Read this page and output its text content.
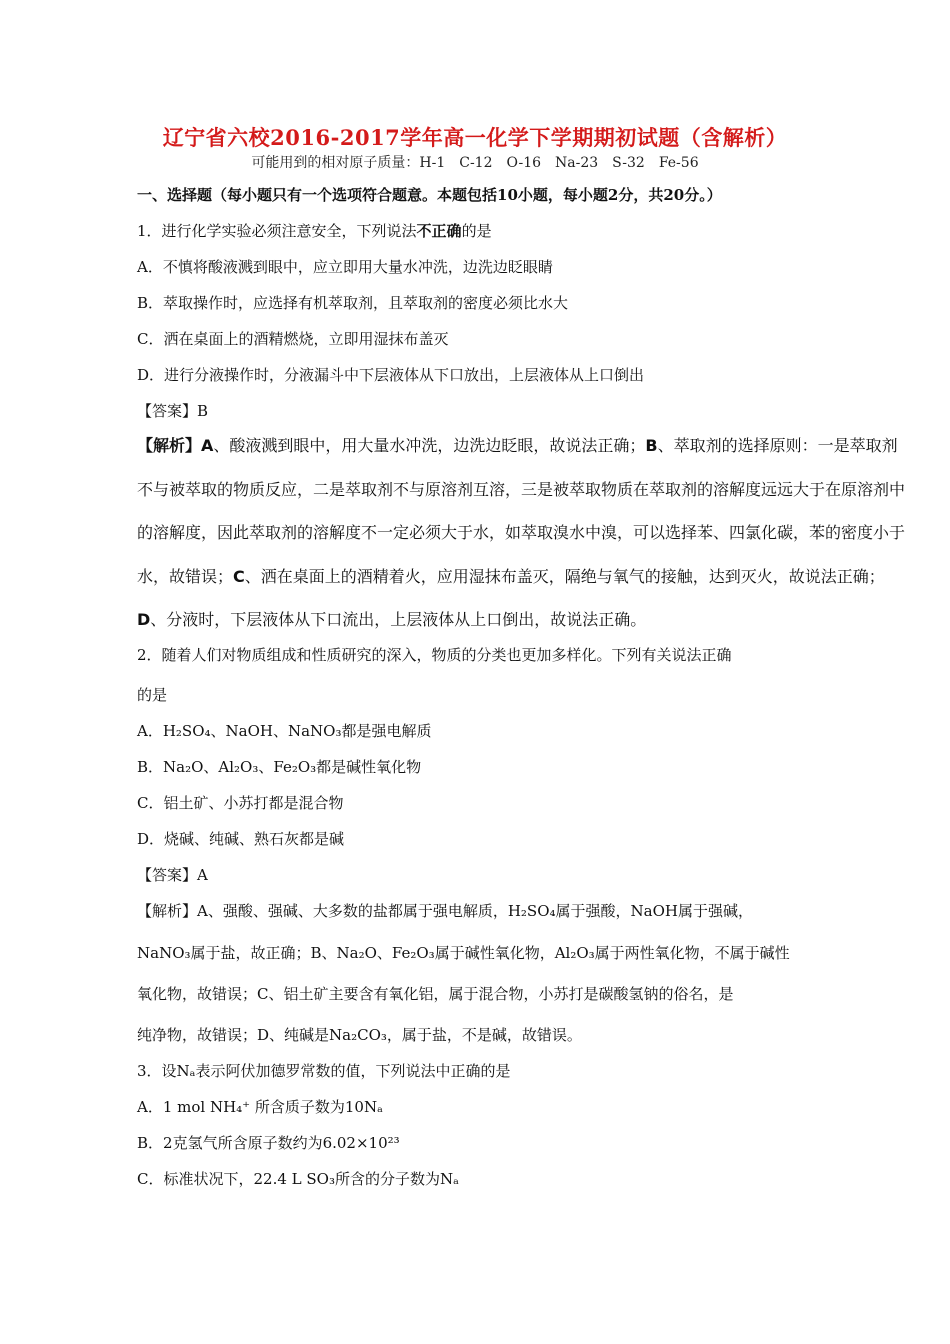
辽宁省六校2016-2017学年高一化学下学期期初试题（含解析）
可能用到的相对原子质量：H-1　C-12　O-16　Na-23　S-32　Fe-56
一、选择题（每小题只有一个选项符合题意。本题包括10小题，每小题2分，共20分。）
1．进行化学实验必须注意安全，下列说法不正确的是
A．不慎将酸液溅到眼中，应立即用大量水冲洗，边洗边眨眼睛
B．萃取操作时，应选择有机萃取剂，且萃取剂的密度必须比水大
C．洒在桌面上的酒精燃烧，立即用湿抹布盖灭
D．进行分液操作时，分液漏斗中下层液体从下口放出，上层液体从上口倒出
【答案】B
【解析】A、酸液溅到眼中，用大量水冲洗，边洗边眨眼，故说法正确；B、萃取剂的选择原则：一是萃取剂不与被萃取的物质反应，二是萃取剂不与原溶剂互溶，三是被萃取物质在萃取剂的溶解度远远大于在原溶剂中的溶解度，因此萃取剂的溶解度不一定必须大于水，如萃取溴水中溴，可以选择苯、四氯化碳，苯的密度小于水，故错误；C、洒在桌面上的酒精着火，应用湿抹布盖灭，隔绝与氧气的接触，达到灭火，故说法正确；D、分液时，下层液体从下口流出，上层液体从上口倒出，故说法正确。
2．随着人们对物质组成和性质研究的深入，物质的分类也更加多样化。下列有关说法正确
的是
A．H₂SO₄、NaOH、NaNO₃都是强电解质
B．Na₂O、Al₂O₃、Fe₂O₃都是碱性氧化物
C．铝土矿、小苏打都是混合物
D．烧碱、纯碱、熟石灰都是碱
【答案】A
【解析】A、强酸、强碱、大多数的盐都属于强电解质，H₂SO₄属于强酸，NaOH属于强碱，
NaNO₃属于盐，故正确；B、Na₂O、Fe₂O₃属于碱性氧化物，Al₂O₃属于两性氧化物，不属于碱性
氧化物，故错误；C、铝土矿主要含有氧化铝，属于混合物，小苏打是碳酸氢钠的俗名，是
纯净物，故错误；D、纯碱是Na₂CO₃，属于盐，不是碱，故错误。
3．设Nₐ表示阿伏加德罗常数的值，下列说法中正确的是
A．1 mol NH₄⁺ 所含质子数为10Nₐ
B．2克氢气所含原子数约为6.02×10²³
C．标准状况下，22.4 L SO₃所含的分子数为Nₐ
